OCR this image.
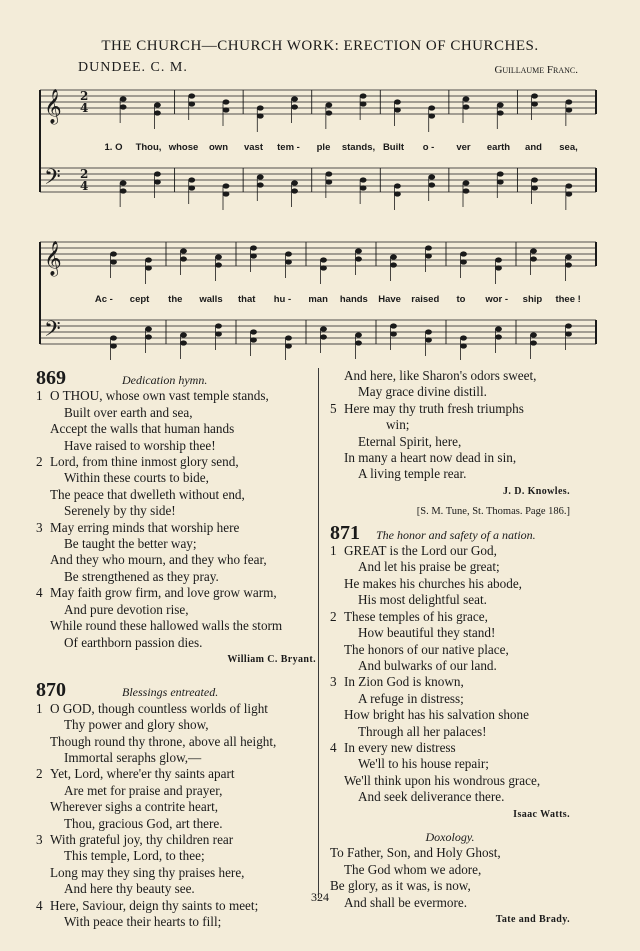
THE CHURCH—CHURCH WORK: ERECTION OF CHURCHES.
DUNDEE. C. M.	Guillaume Franc.
𝄞
𝄢
𝄞
𝄢
2
4
2
4
1. O Thou, whose own vast tem - ple stands, Built o - ver earth and sea,
Ac - cept the walls that hu - man hands Have raised to wor - ship thee !
869	Dedication hymn.
1 O THOU, whose own vast temple stands,
Built over earth and sea,
Accept the walls that human hands
Have raised to worship thee!
2 Lord, from thine inmost glory send,
Within these courts to bide,
The peace that dwelleth without end,
Serenely by thy side!
3 May erring minds that worship here
Be taught the better way;
And they who mourn, and they who fear,
Be strengthened as they pray.
4 May faith grow firm, and love grow warm,
And pure devotion rise,
While round these hallowed walls the storm
Of earthborn passion dies.
William C. Bryant.
870	Blessings entreated.
1 O GOD, though countless worlds of light
Thy power and glory show,
Though round thy throne, above all height,
Immortal seraphs glow,—
2 Yet, Lord, where'er thy saints apart
Are met for praise and prayer,
Wherever sighs a contrite heart,
Thou, gracious God, art there.
3 With grateful joy, thy children rear
This temple, Lord, to thee;
Long may they sing thy praises here,
And here thy beauty see.
4 Here, Saviour, deign thy saints to meet;
With peace their hearts to fill;
And here, like Sharon's odors sweet,
May grace divine distill.
5 Here may thy truth fresh triumphs
win;
Eternal Spirit, here,
In many a heart now dead in sin,
A living temple rear.
J. D. Knowles.
[S. M. Tune, St. Thomas. Page 186.]
871	The honor and safety of a nation.
1 GREAT is the Lord our God,
And let his praise be great;
He makes his churches his abode,
His most delightful seat.
2 These temples of his grace,
How beautiful they stand!
The honors of our native place,
And bulwarks of our land.
3 In Zion God is known,
A refuge in distress;
How bright has his salvation shone
Through all her palaces!
4 In every new distress
We'll to his house repair;
We'll think upon his wondrous grace,
And seek deliverance there.
Isaac Watts.
Doxology.
To Father, Son, and Holy Ghost,
The God whom we adore,
Be glory, as it was, is now,
And shall be evermore.
Tate and Brady.
324
